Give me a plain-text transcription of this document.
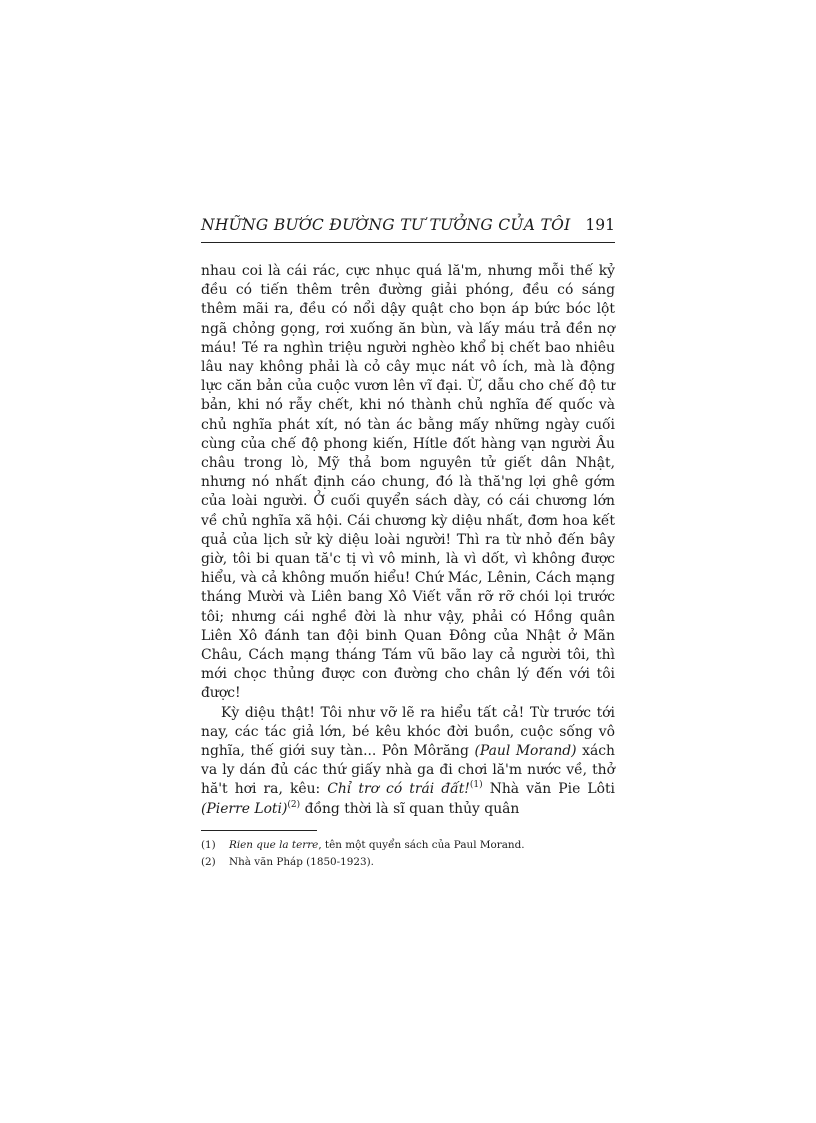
NHỮNG BƯỚC ĐƯỜNG TƯ TƯỞNG CỦA TÔI 191

nhau coi là cái rác, cực nhục quá lă'm, nhưng mỗi thế kỷ đều có tiến thêm trên đường giải phóng, đều có sáng thêm mãi ra, đều có nổi dậy quật cho bọn áp bức bóc lột ngã chỏng gọng, rơi xuống ăn bùn, và lấy máu trả đền nợ máu! Té ra nghìn triệu người nghèo khổ bị chết bao nhiêu lâu nay không phải là cỏ cây mục nát vô ích, mà là động lực căn bản của cuộc vươn lên vĩ đại. Ừ, dẫu cho chế độ tư bản, khi nó rẫy chết, khi nó thành chủ nghĩa đế quốc và chủ nghĩa phát xít, nó tàn ác bằng mấy những ngày cuối cùng của chế độ phong kiến, Hítle đốt hàng vạn người Âu châu trong lò, Mỹ thả bom nguyên tử giết dân Nhật, nhưng nó nhất định cáo chung, đó là thă'ng lợi ghê gớm của loài người. Ở cuối quyển sách dày, có cái chương lớn về chủ nghĩa xã hội. Cái chương kỳ diệu nhất, đơm hoa kết quả của lịch sử kỳ diệu loài người! Thì ra từ nhỏ đến bây giờ, tôi bi quan tă'c tị vì vô minh, là vì dốt, vì không được hiểu, và cả không muốn hiểu! Chứ Mác, Lênin, Cách mạng tháng Mười và Liên bang Xô Viết vẫn rỡ rỡ chói lọi trước tôi; nhưng cái nghề đời là như vậy, phải có Hồng quân Liên Xô đánh tan đội binh Quan Đông của Nhật ở Mãn Châu, Cách mạng tháng Tám vũ bão lay cả người tôi, thì mới chọc thủng được con đường cho chân lý đến với tôi được!

Kỳ diệu thật! Tôi như vỡ lẽ ra hiểu tất cả! Từ trước tới nay, các tác giả lớn, bé kêu khóc đời buồn, cuộc sống vô nghĩa, thế giới suy tàn... Pôn Môrăng (Paul Morand) xách va ly dán đủ các thứ giấy nhà ga đi chơi lă'm nước về, thở hă't hơi ra, kêu: Chỉ trơ có trái đất!$^{(1)}$ Nhà văn Pie Lôti (Pierre Loti)$^{(2)}$ đồng thời là sĩ quan thủy quân

(1)	Rien que la terre, tên một quyển sách của Paul Morand.
(2)	Nhà văn Pháp (1850-1923).
